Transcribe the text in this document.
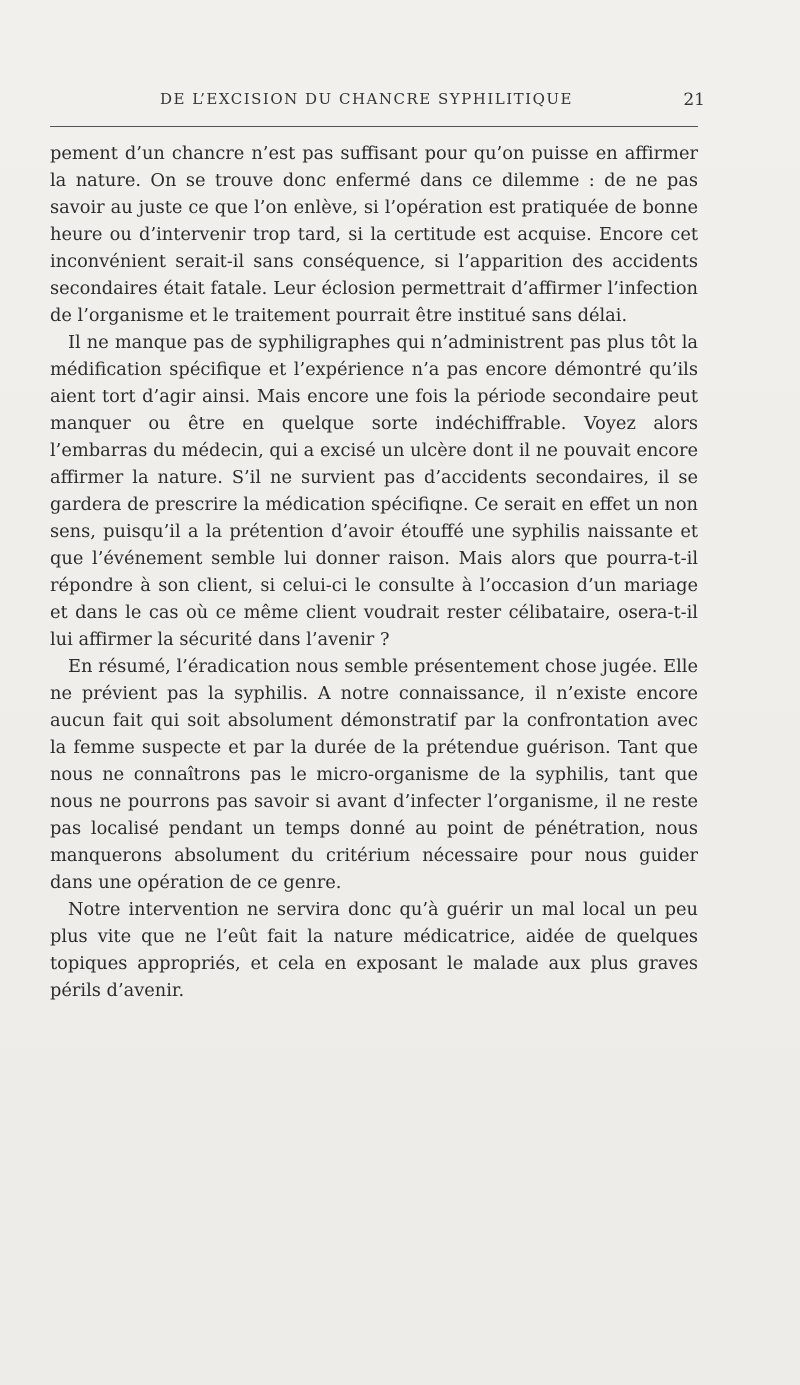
DE L’EXCISION DU CHANCRE SYPHILITIQUE	21

pement d’un chancre n’est pas suffisant pour qu’on puisse en affirmer la nature. On se trouve donc enfermé dans ce dilemme : de ne pas savoir au juste ce que l’on enlève, si l’opération est pratiquée de bonne heure ou d’intervenir trop tard, si la certitude est acquise. Encore cet inconvénient serait-il sans conséquence, si l’apparition des accidents secondaires était fatale. Leur éclosion permettrait d’affirmer l’infection de l’organisme et le traitement pourrait être institué sans délai.

Il ne manque pas de syphiligraphes qui n’administrent pas plus tôt la médification spécifique et l’expérience n’a pas encore démontré qu’ils aient tort d’agir ainsi. Mais encore une fois la période secondaire peut manquer ou être en quelque sorte indéchiffrable. Voyez alors l’embarras du médecin, qui a excisé un ulcère dont il ne pouvait encore affirmer la nature. S’il ne survient pas d’accidents secondaires, il se gardera de prescrire la médication spécifiqne. Ce serait en effet un non sens, puisqu’il a la prétention d’avoir étouffé une syphilis naissante et que l’événement semble lui donner raison. Mais alors que pourra-t-il répondre à son client, si celui-ci le consulte à l’occasion d’un mariage et dans le cas où ce même client voudrait rester célibataire, osera-t-il lui affirmer la sécurité dans l’avenir ?

En résumé, l’éradication nous semble présentement chose jugée. Elle ne prévient pas la syphilis. A notre connaissance, il n’existe encore aucun fait qui soit absolument démonstratif par la confrontation avec la femme suspecte et par la durée de la prétendue guérison. Tant que nous ne connaîtrons pas le micro-organisme de la syphilis, tant que nous ne pourrons pas savoir si avant d’infecter l’organisme, il ne reste pas localisé pendant un temps donné au point de pénétration, nous manquerons absolument du critérium nécessaire pour nous guider dans une opération de ce genre.

Notre intervention ne servira donc qu’à guérir un mal local un peu plus vite que ne l’eût fait la nature médicatrice, aidée de quelques topiques appropriés, et cela en exposant le malade aux plus graves périls d’avenir.
